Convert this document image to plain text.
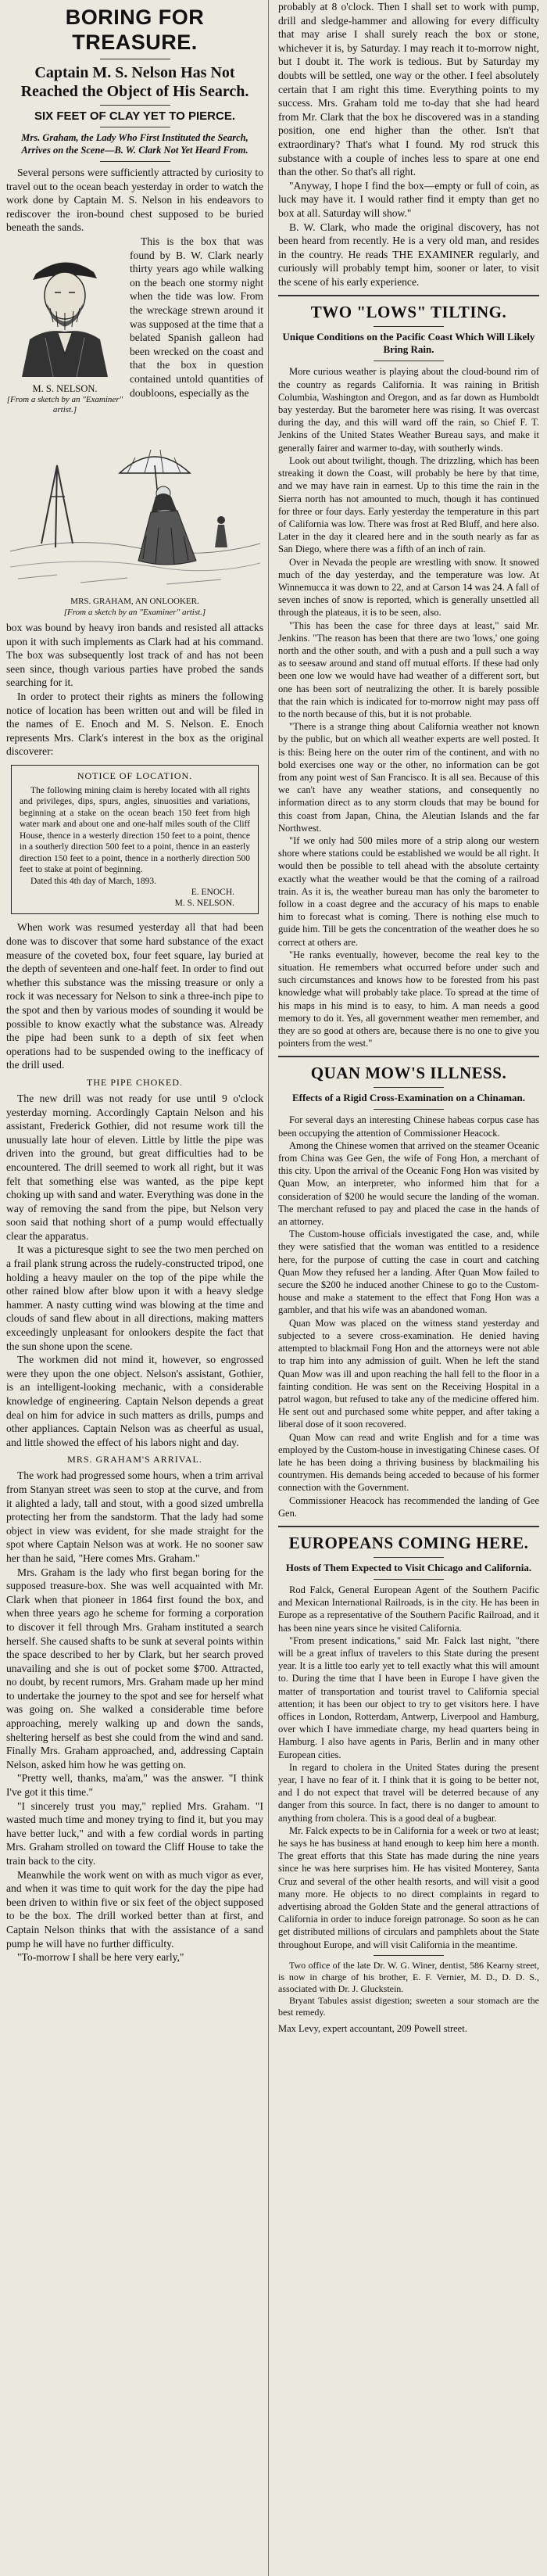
BORING FOR TREASURE.
Captain M. S. Nelson Has Not Reached the Object of His Search.
SIX FEET OF CLAY YET TO PIERCE.
Mrs. Graham, the Lady Who First Instituted the Search, Arrives on the Scene—B. W. Clark Not Yet Heard From.

Several persons were sufficiently attracted by curiosity to travel out to the ocean beach yesterday in order to watch the work done by Captain M. S. Nelson in his endeavors to rediscover the iron-bound chest supposed to be buried beneath the sands.

M. S. NELSON.
[From a sketch by an "Examiner" artist.]

This is the box that was found by B. W. Clark nearly thirty years ago while walking on the beach one stormy night when the tide was low. From the wreckage strewn around it was supposed at the time that a belated Spanish galleon had been wrecked on the coast and that the box in question contained untold quantities of doubloons, especially as the

MRS. GRAHAM, AN ONLOOKER.
[From a sketch by an "Examiner" artist.]

box was bound by heavy iron bands and resisted all attacks upon it with such implements as Clark had at his command. The box was subsequently lost track of and has not been seen since, though various parties have probed the sands searching for it.

In order to protect their rights as miners the following notice of location has been written out and will be filed in the names of E. Enoch and M. S. Nelson. E. Enoch represents Mrs. Clark's interest in the box as the original discoverer:

NOTICE OF LOCATION.

The following mining claim is hereby located with all rights and privileges, dips, spurs, angles, sinuosities and variations, beginning at a stake on the ocean beach 150 feet from high water mark and about one and one-half miles south of the Cliff House, thence in a westerly direction 150 feet to a point, thence in a southerly direction 500 feet to a point, thence in an easterly direction 150 feet to a point, thence in a northerly direction 500 feet to stake at point of beginning.

Dated this 4th day of March, 1893.

E. ENOCH.
M. S. NELSON.

When work was resumed yesterday all that had been done was to discover that some hard substance of the exact measure of the coveted box, four feet square, lay buried at the depth of seventeen and one-half feet. In order to find out whether this substance was the missing treasure or only a rock it was necessary for Nelson to sink a three-inch pipe to the spot and then by various modes of sounding it would be possible to know exactly what the substance was. Already the pipe had been sunk to a depth of six feet when operations had to be suspended owing to the inefficacy of the drill used.

THE PIPE CHOKED.

The new drill was not ready for use until 9 o'clock yesterday morning. Accordingly Captain Nelson and his assistant, Frederick Gothier, did not resume work till the unusually late hour of eleven. Little by little the pipe was driven into the ground, but great difficulties had to be encountered. The drill seemed to work all right, but it was felt that something else was wanted, as the pipe kept choking up with sand and water. Everything was done in the way of removing the sand from the pipe, but Nelson very soon said that nothing short of a pump would effectually clear the apparatus.

It was a picturesque sight to see the two men perched on a frail plank strung across the rudely-constructed tripod, one holding a heavy mauler on the top of the pipe while the other rained blow after blow upon it with a heavy sledge hammer. A nasty cutting wind was blowing at the time and clouds of sand flew about in all directions, making matters exceedingly unpleasant for onlookers despite the fact that the sun shone upon the scene.

The workmen did not mind it, however, so engrossed were they upon the one object. Nelson's assistant, Gothier, is an intelligent-looking mechanic, with a considerable knowledge of engineering. Captain Nelson depends a great deal on him for advice in such matters as drills, pumps and other appliances. Captain Nelson was as cheerful as usual, and little showed the effect of his labors night and day.

MRS. GRAHAM'S ARRIVAL.

The work had progressed some hours, when a trim arrival from Stanyan street was seen to stop at the curve, and from it alighted a lady, tall and stout, with a good sized umbrella protecting her from the sandstorm. That the lady had some object in view was evident, for she made straight for the spot where Captain Nelson was at work. He no sooner saw her than he said, "Here comes Mrs. Graham."

Mrs. Graham is the lady who first began boring for the supposed treasure-box. She was well acquainted with Mr. Clark when that pioneer in 1864 first found the box, and when three years ago he scheme for forming a corporation to discover it fell through Mrs. Graham instituted a search herself. She caused shafts to be sunk at several points within the space described to her by Clark, but her search proved unavailing and she is out of pocket some $700. Attracted, no doubt, by recent rumors, Mrs. Graham made up her mind to undertake the journey to the spot and see for herself what was going on. She walked a considerable time before approaching, merely walking up and down the sands, sheltering herself as best she could from the wind and sand. Finally Mrs. Graham approached, and, addressing Captain Nelson, asked him how he was getting on.

"Pretty well, thanks, ma'am," was the answer. "I think I've got it this time."

"I sincerely trust you may," replied Mrs. Graham. "I wasted much time and money trying to find it, but you may have better luck," and with a few cordial words in parting Mrs. Graham strolled on toward the Cliff House to take the train back to the city.

Meanwhile the work went on with as much vigor as ever, and when it was time to quit work for the day the pipe had been driven to within five or six feet of the object supposed to be the box. The drill worked better than at first, and Captain Nelson thinks that with the assistance of a sand pump he will have no further difficulty.

"To-morrow I shall be here very early,"

probably at 8 o'clock. Then I shall set to work with pump, drill and sledge-hammer and allowing for every difficulty that may arise I shall surely reach the box or stone, whichever it is, by Saturday. I may reach it to-morrow night, but I doubt it. The work is tedious. But by Saturday my doubts will be settled, one way or the other. I feel absolutely certain that I am right this time. Everything points to my success. Mrs. Graham told me to-day that she had heard from Mr. Clark that the box he discovered was in a standing position, one end higher than the other. Isn't that extraordinary? That's what I found. My rod struck this substance with a couple of inches less to spare at one end than the other. So that's all right.

"Anyway, I hope I find the box—empty or full of coin, as luck may have it. I would rather find it empty than get no box at all. Saturday will show."

B. W. Clark, who made the original discovery, has not been heard from recently. He is a very old man, and resides in the country. He reads THE EXAMINER regularly, and curiously will probably tempt him, sooner or later, to visit the scene of his early experience.

TWO "LOWS" TILTING.
Unique Conditions on the Pacific Coast Which Will Likely Bring Rain.

More curious weather is playing about the cloud-bound rim of the country as regards California. It was raining in British Columbia, Washington and Oregon, and as far down as Humboldt bay yesterday. But the barometer here was rising. It was overcast during the day, and this will ward off the rain, so Chief F. T. Jenkins of the United States Weather Bureau says, and make it generally fairer and warmer to-day, with southerly winds.

Look out about twilight, though. The drizzling, which has been streaking it down the Coast, will probably be here by that time, and we may have rain in earnest. Up to this time the rain in the Sierra north has not amounted to much, though it has continued for three or four days. Early yesterday the temperature in this part of California was low. There was frost at Red Bluff, and here also. Later in the day it cleared here and in the south nearly as far as San Diego, where there was a fifth of an inch of rain.

Over in Nevada the people are wrestling with snow. It snowed much of the day yesterday, and the temperature was low. At Winnemucca it was down to 22, and at Carson 14 was 24. A fall of seven inches of snow is reported, which is generally unsettled all through the plateaus, it is to be seen, also.

"This has been the case for three days at least," said Mr. Jenkins. "The reason has been that there are two 'lows,' one going north and the other south, and with a push and a pull such a way as to seesaw around and stand off mutual efforts. If these had only been one low we would have had weather of a different sort, but one has been sort of neutralizing the other. It is barely possible that the rain which is indicated for to-morrow night may pass off to the north because of this, but it is not probable.

"There is a strange thing about California weather not known by the public, but on which all weather experts are well posted. It is this: Being here on the outer rim of the continent, and with no bold exercises one way or the other, no information can be got from any point west of San Francisco. It is all sea. Because of this we can't have any weather stations, and consequently no information direct as to any storm clouds that may be bound for this coast from Japan, China, the Aleutian Islands and the far Northwest.

"If we only had 500 miles more of a strip along our western shore where stations could be established we would be all right. It would then be possible to tell ahead with the absolute certainty exactly what the weather would be that the coming of a railroad train. As it is, the weather bureau man has only the barometer to follow in a coast degree and the accuracy of his maps to enable him to forecast what is coming. There is nothing else much to guide him. Till be gets the concentration of the weather does he so correct at others are.

"He ranks eventually, however, become the real key to the situation. He remembers what occurred before under such and such circumstances and knows how to be forested from his past knowledge what will probably take place. To spread at the time of his maps in his mind is to easy, to him. A man needs a good memory to do it. Yes, all government weather men remember, and they are so good at others are, because there is no one to give you pointers from the west."

QUAN MOW'S ILLNESS.
Effects of a Rigid Cross-Examination on a Chinaman.

For several days an interesting Chinese habeas corpus case has been occupying the attention of Commissioner Heacock.

Among the Chinese women that arrived on the steamer Oceanic from China was Gee Gen, the wife of Fong Hon, a merchant of this city. Upon the arrival of the Oceanic Fong Hon was visited by Quan Mow, an interpreter, who informed him that for a consideration of $200 he would secure the landing of the woman. The merchant refused to pay and placed the case in the hands of an attorney.

The Custom-house officials investigated the case, and, while they were satisfied that the woman was entitled to a residence here, for the purpose of cutting the case in court and catching Quan Mow they refused her a landing. After Quan Mow failed to secure the $200 he induced another Chinese to go to the Custom-house and make a statement to the effect that Fong Hon was a gambler, and that his wife was an abandoned woman.

Quan Mow was placed on the witness stand yesterday and subjected to a severe cross-examination. He denied having attempted to blackmail Fong Hon and the attorneys were not able to trap him into any admission of guilt. When he left the stand Quan Mow was ill and upon reaching the hall fell to the floor in a fainting condition. He was sent on the Receiving Hospital in a patrol wagon, but refused to take any of the medicine offered him. He sent out and purchased some white pepper, and after taking a liberal dose of it soon recovered.

Quan Mow can read and write English and for a time was employed by the Custom-house in investigating Chinese cases. Of late he has been doing a thriving business by blackmailing his countrymen. His demands being acceded to because of his former connection with the Government.

Commissioner Heacock has recommended the landing of Gee Gen.

EUROPEANS COMING HERE.
Hosts of Them Expected to Visit Chicago and California.

Rod Falck, General European Agent of the Southern Pacific and Mexican International Railroads, is in the city. He has been in Europe as a representative of the Southern Pacific Railroad, and it has been nine years since he visited California.

"From present indications," said Mr. Falck last night, "there will be a great influx of travelers to this State during the present year. It is a little too early yet to tell exactly what this will amount to. During the time that I have been in Europe I have given the matter of transportation and tourist travel to California special attention; it has been our object to try to get visitors here. I have offices in London, Rotterdam, Antwerp, Liverpool and Hamburg, over which I have immediate charge, my head quarters being in Hamburg. I also have agents in Paris, Berlin and in many other European cities.

In regard to cholera in the United States during the present year, I have no fear of it. I think that it is going to be better not, and I do not expect that travel will be deterred because of any danger from this source. In fact, there is no danger to amount to anything from cholera. This is a good deal of a bugbear.

Mr. Falck expects to be in California for a week or two at least; he says he has business at hand enough to keep him here a month. The great efforts that this State has made during the nine years since he was here surprises him. He has visited Monterey, Santa Cruz and several of the other health resorts, and will visit a good many more. He objects to no direct complaints in regard to advertising abroad the Golden State and the general attractions of California in order to induce foreign patronage. So soon as he can get distributed millions of circulars and pamphlets about the State throughout Europe, and will visit California in the meantime.

Two office of the late Dr. W. G. Winer, dentist, 586 Kearny street, is now in charge of his brother, E. F. Vernier, M. D., D. D. S., associated with Dr. J. Gluckstein.

Bryant Tabules assist digestion; sweeten a sour stomach are the best remedy.

Max Levy, expert accountant, 209 Powell street.
